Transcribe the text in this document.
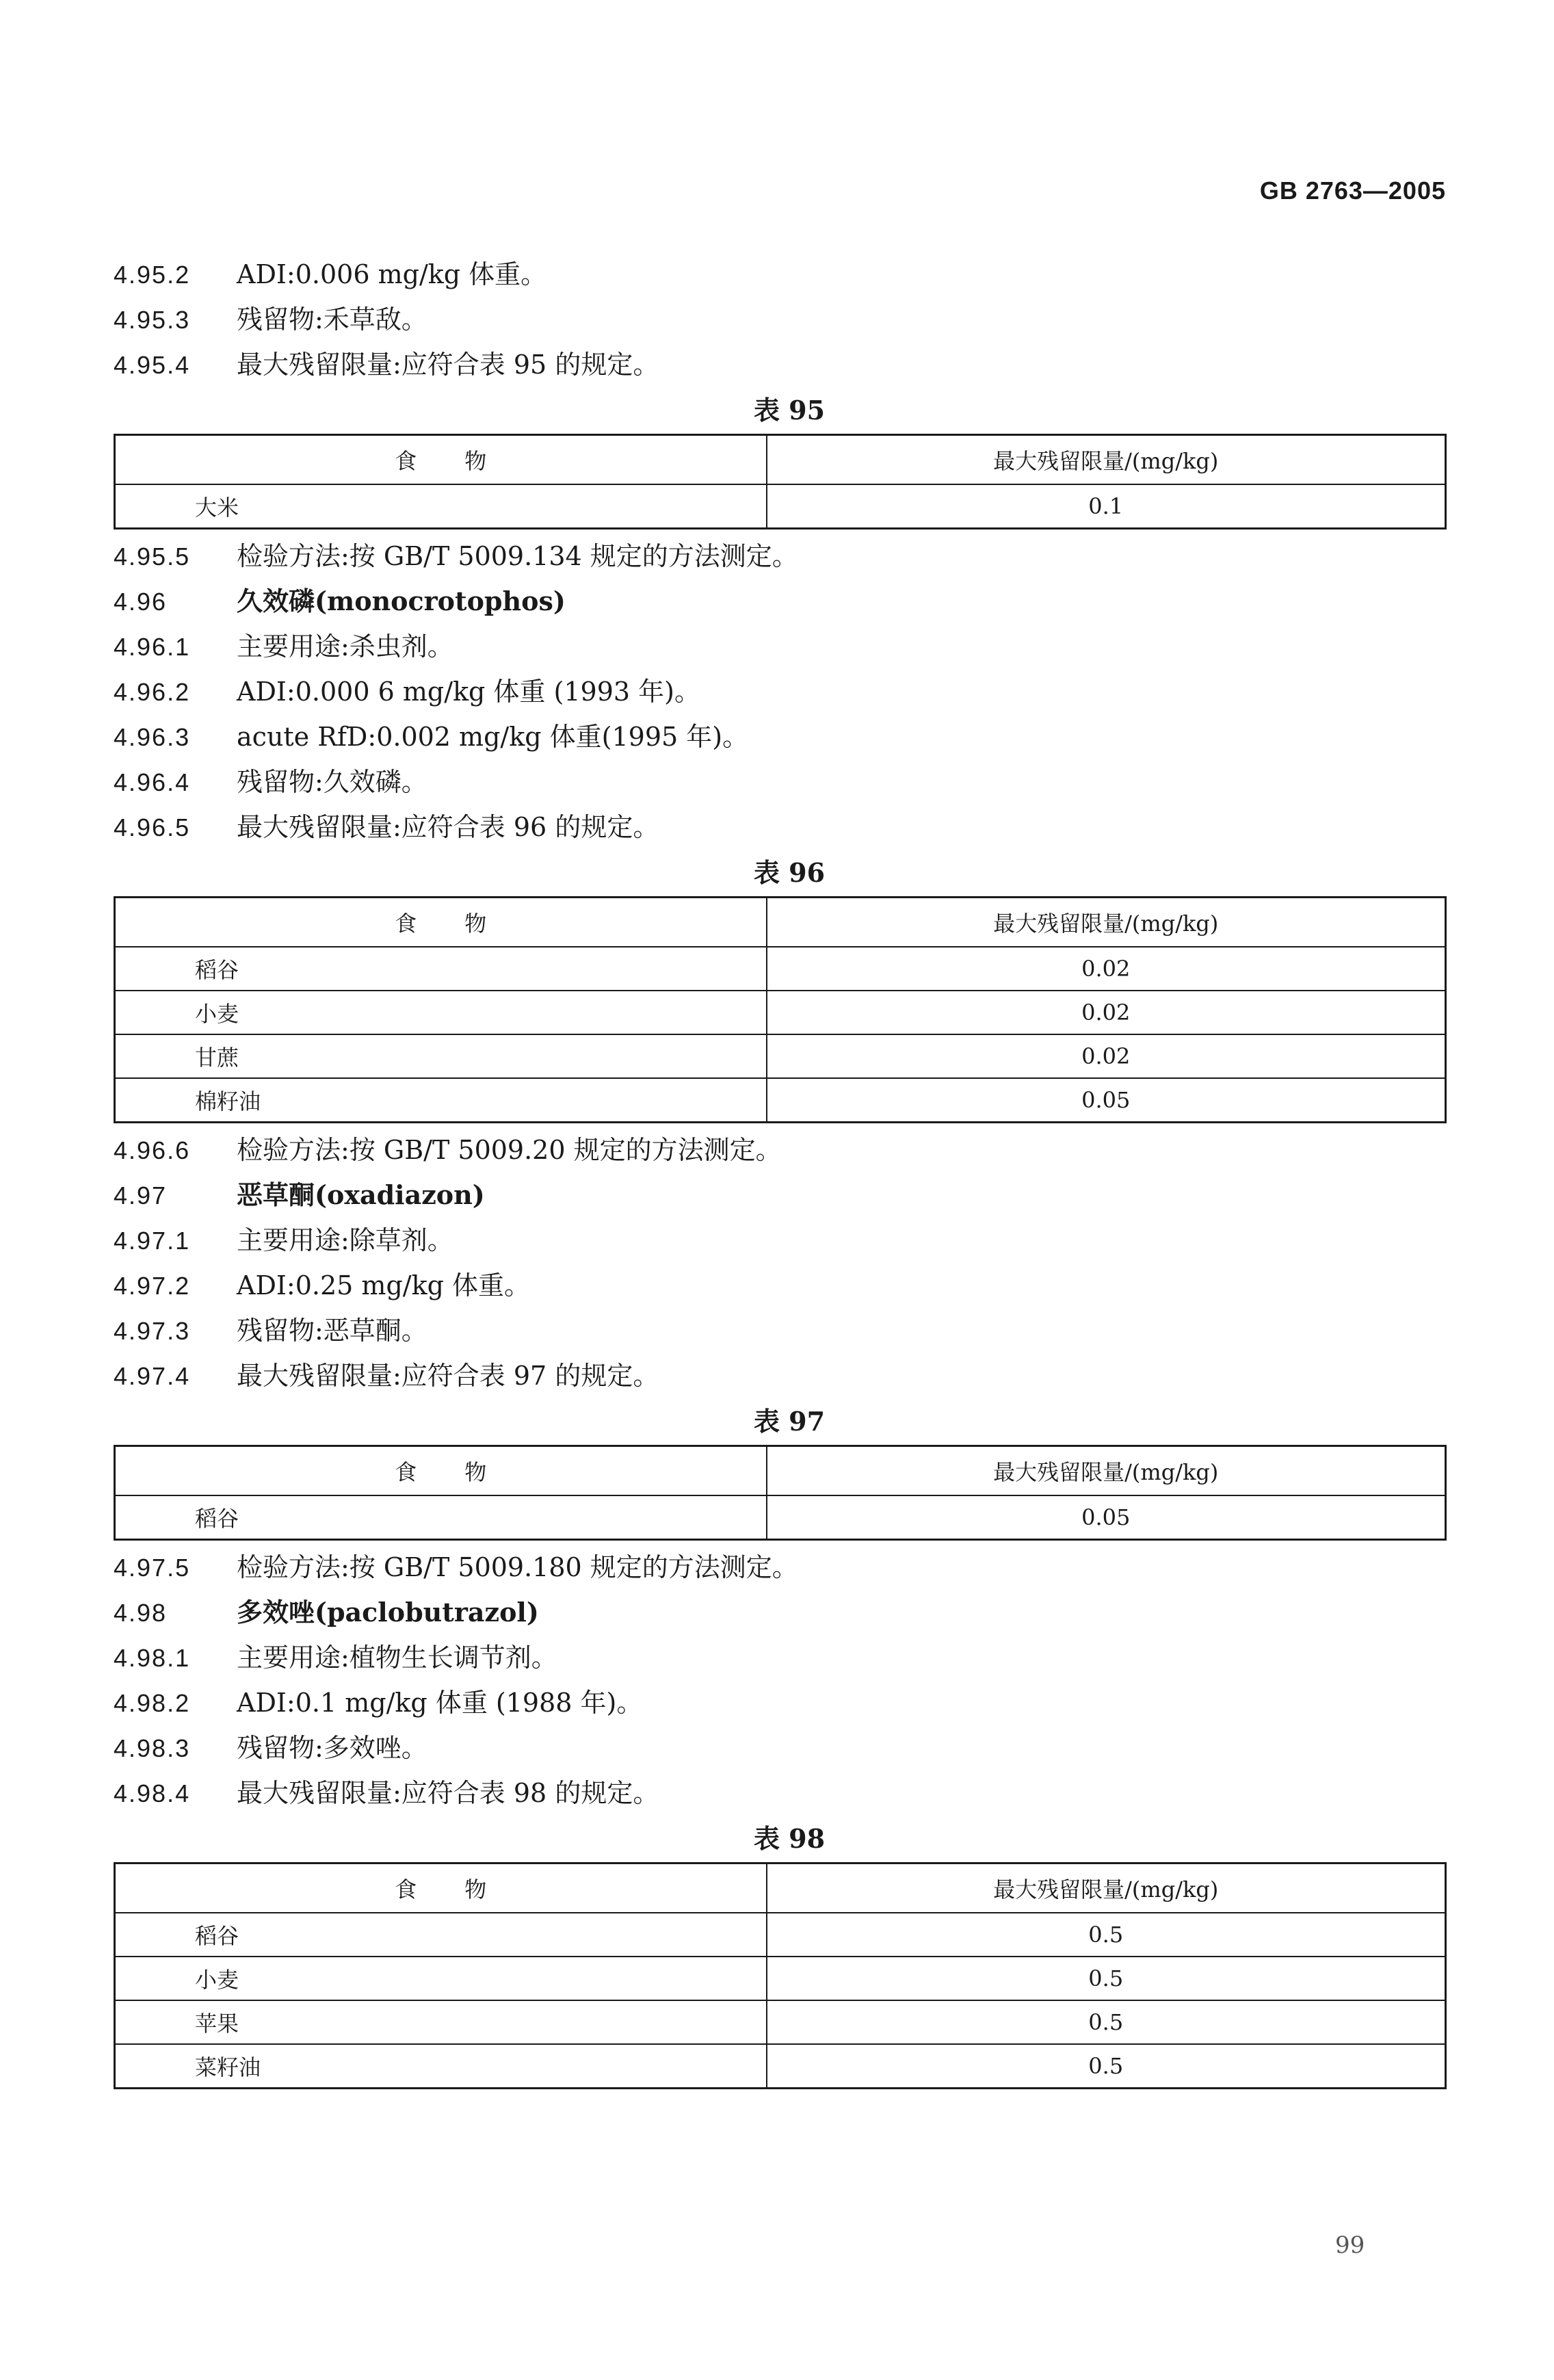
GB 2763—2005
4.95.2 ADI:0.006 mg/kg 体重。
4.95.3 残留物:禾草敌。
4.95.4 最大残留限量:应符合表 95 的规定。
表 95
食物	最大残留限量/(mg/kg)
大米	0.1
4.95.5 检验方法:按 GB/T 5009.134 规定的方法测定。
4.96	久效磷(monocrotophos)
4.96.1 主要用途:杀虫剂。
4.96.2 ADI:0.000 6 mg/kg 体重 (1993 年)。
4.96.3 acute RfD:0.002 mg/kg 体重(1995 年)。
4.96.4 残留物:久效磷。
4.96.5 最大残留限量:应符合表 96 的规定。
表 96
食物	最大残留限量/(mg/kg)
稻谷	0.02
小麦	0.02
甘蔗	0.02
棉籽油	0.05
4.96.6 检验方法:按 GB/T 5009.20 规定的方法测定。
4.97	恶草酮(oxadiazon)
4.97.1 主要用途:除草剂。
4.97.2 ADI:0.25 mg/kg 体重。
4.97.3 残留物:恶草酮。
4.97.4 最大残留限量:应符合表 97 的规定。
表 97
食物	最大残留限量/(mg/kg)
稻谷	0.05
4.97.5 检验方法:按 GB/T 5009.180 规定的方法测定。
4.98	多效唑(paclobutrazol)
4.98.1 主要用途:植物生长调节剂。
4.98.2 ADI:0.1 mg/kg 体重 (1988 年)。
4.98.3 残留物:多效唑。
4.98.4 最大残留限量:应符合表 98 的规定。
表 98
食物	最大残留限量/(mg/kg)
稻谷	0.5
小麦	0.5
苹果	0.5
菜籽油	0.5
99
